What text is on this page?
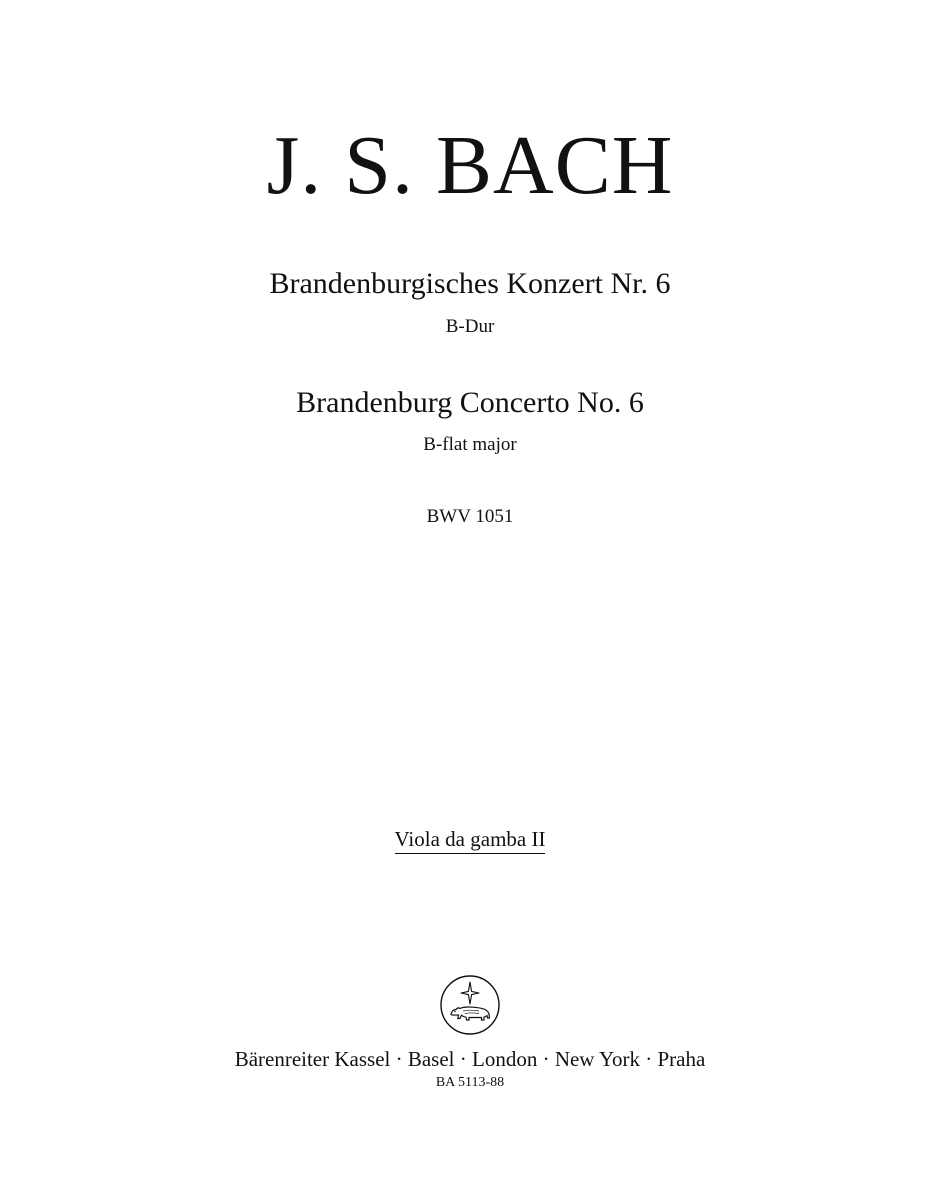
J. S. BACH
Brandenburgisches Konzert Nr. 6
B-Dur
Brandenburg Concerto No. 6
B-flat major
BWV 1051
Viola da gamba II
Bärenreiter Kassel · Basel · London · New York · Praha
BA 5113-88
